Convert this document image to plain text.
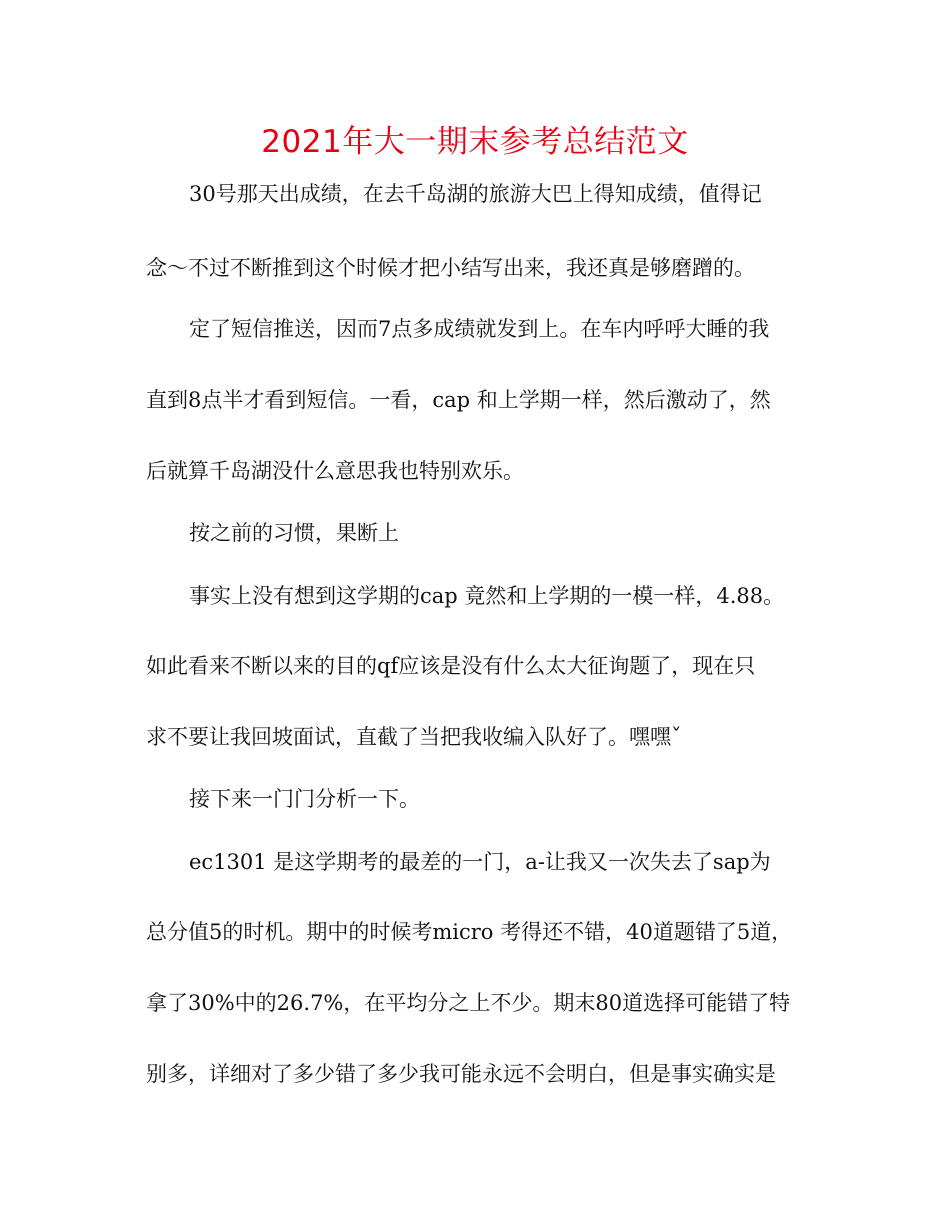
2021年大一期末参考总结范文
30号那天出成绩，在去千岛湖的旅游大巴上得知成绩，值得记
念～不过不断推到这个时候才把小结写出来，我还真是够磨蹭的。
定了短信推送，因而7点多成绩就发到上。在车内呼呼大睡的我
直到8点半才看到短信。一看，cap 和上学期一样，然后激动了，然
后就算千岛湖没什么意思我也特别欢乐。
按之前的习惯，果断上
事实上没有想到这学期的cap 竟然和上学期的一模一样，4.88。
如此看来不断以来的目的qf应该是没有什么太大征询题了，现在只
求不要让我回坡面试，直截了当把我收编入队好了。嘿嘿ˇ
接下来一门门分析一下。
ec1301 是这学期考的最差的一门，a-让我又一次失去了sap为
总分值5的时机。期中的时候考micro 考得还不错，40道题错了5道，
拿了30%中的26.7%，在平均分之上不少。期末80道选择可能错了特
别多，详细对了多少错了多少我可能永远不会明白，但是事实确实是
